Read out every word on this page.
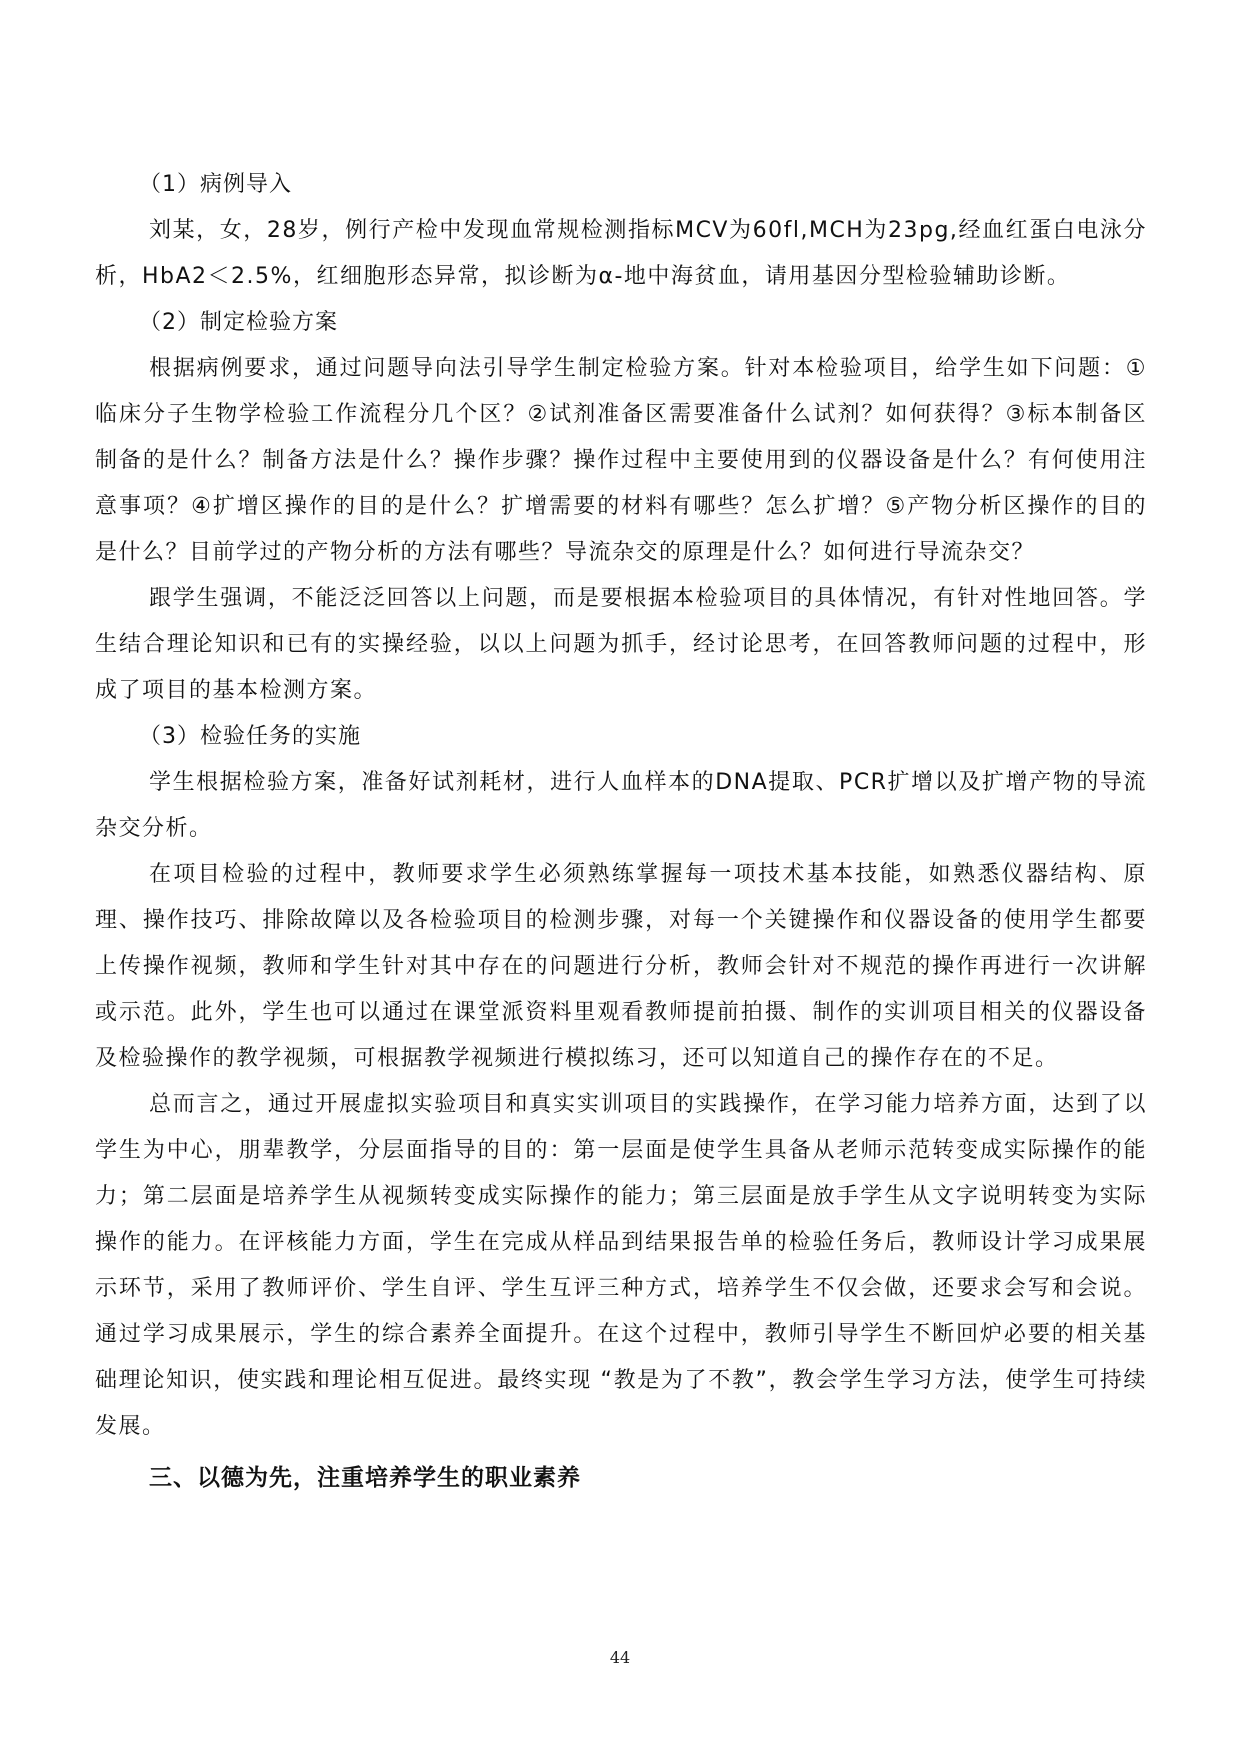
（1）病例导入

刘某，女，28岁，例行产检中发现血常规检测指标MCV为60fl,MCH为23pg,经血红蛋白电泳分析，HbA2＜2.5%，红细胞形态异常，拟诊断为α-地中海贫血，请用基因分型检验辅助诊断。

（2）制定检验方案

根据病例要求，通过问题导向法引导学生制定检验方案。针对本检验项目，给学生如下问题：①临床分子生物学检验工作流程分几个区？②试剂准备区需要准备什么试剂？如何获得？③标本制备区制备的是什么？制备方法是什么？操作步骤？操作过程中主要使用到的仪器设备是什么？有何使用注意事项？④扩增区操作的目的是什么？扩增需要的材料有哪些？怎么扩增？⑤产物分析区操作的目的是什么？目前学过的产物分析的方法有哪些？导流杂交的原理是什么？如何进行导流杂交？

跟学生强调，不能泛泛回答以上问题，而是要根据本检验项目的具体情况，有针对性地回答。学生结合理论知识和已有的实操经验，以以上问题为抓手，经讨论思考，在回答教师问题的过程中，形成了项目的基本检测方案。

（3）检验任务的实施

学生根据检验方案，准备好试剂耗材，进行人血样本的DNA提取、PCR扩增以及扩增产物的导流杂交分析。

在项目检验的过程中，教师要求学生必须熟练掌握每一项技术基本技能，如熟悉仪器结构、原理、操作技巧、排除故障以及各检验项目的检测步骤，对每一个关键操作和仪器设备的使用学生都要上传操作视频，教师和学生针对其中存在的问题进行分析，教师会针对不规范的操作再进行一次讲解或示范。此外，学生也可以通过在课堂派资料里观看教师提前拍摄、制作的实训项目相关的仪器设备及检验操作的教学视频，可根据教学视频进行模拟练习，还可以知道自己的操作存在的不足。

总而言之，通过开展虚拟实验项目和真实实训项目的实践操作，在学习能力培养方面，达到了以学生为中心，朋辈教学，分层面指导的目的：第一层面是使学生具备从老师示范转变成实际操作的能力；第二层面是培养学生从视频转变成实际操作的能力；第三层面是放手学生从文字说明转变为实际操作的能力。在评核能力方面，学生在完成从样品到结果报告单的检验任务后，教师设计学习成果展示环节，采用了教师评价、学生自评、学生互评三种方式，培养学生不仅会做，还要求会写和会说。通过学习成果展示，学生的综合素养全面提升。在这个过程中，教师引导学生不断回炉必要的相关基础理论知识，使实践和理论相互促进。最终实现 “教是为了不教”，教会学生学习方法，使学生可持续发展。

三、以德为先，注重培养学生的职业素养
44
